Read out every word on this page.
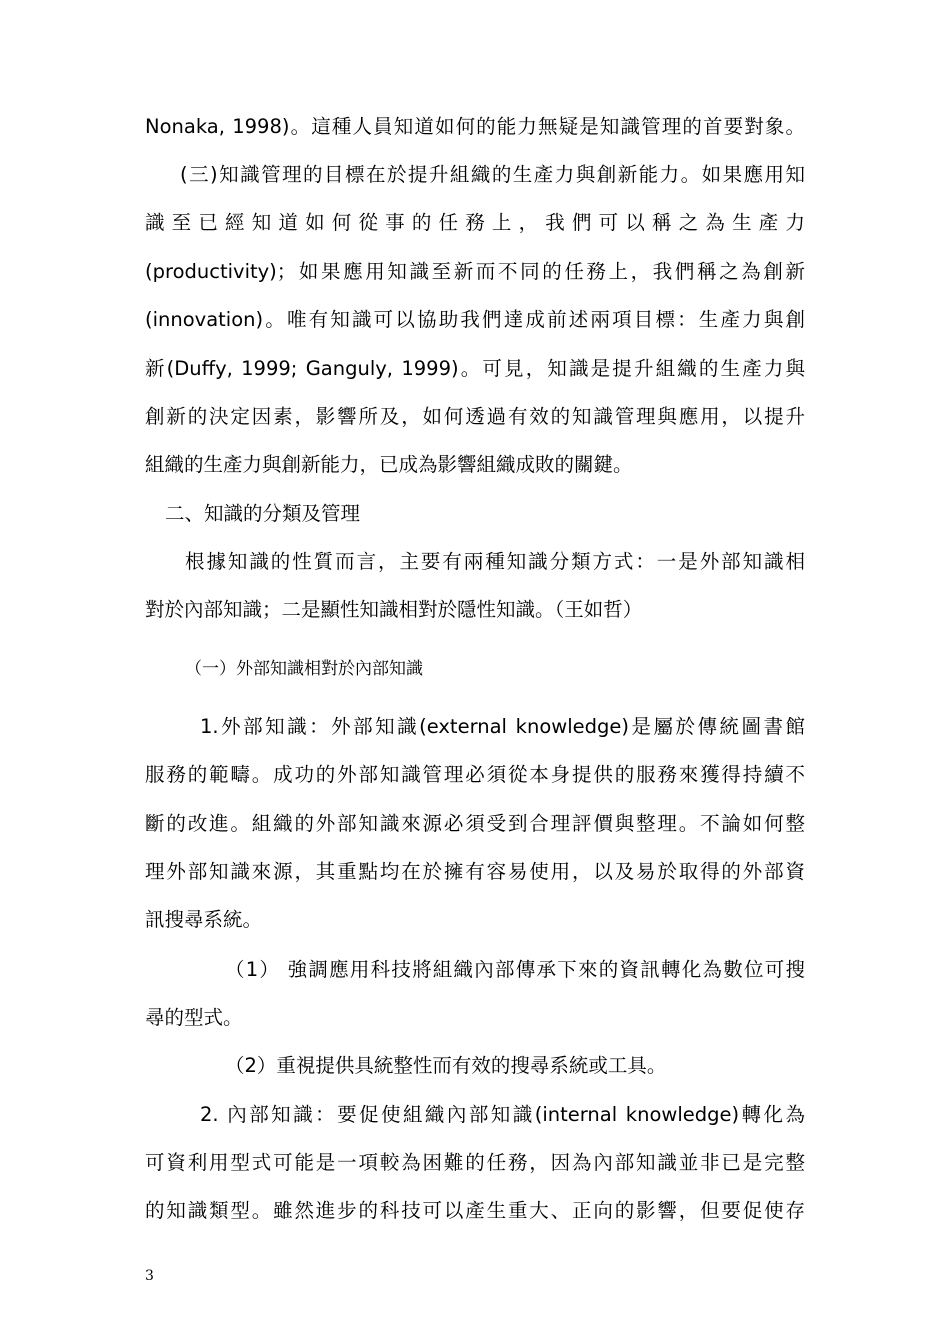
Nonaka, 1998)。這種人員知道如何的能力無疑是知識管理的首要對象。
(三)知識管理的目標在於提升組織的生產力與創新能力。如果應用知
識 至 已 經 知 道 如 何 從 事 的 任 務 上 ， 我 們 可 以 稱 之 為 生 產 力
(productivity)；如果應用知識至新而不同的任務上，我們稱之為創新
(innovation)。唯有知識可以協助我們達成前述兩項目標：生產力與創
新(Duffy, 1999; Ganguly, 1999)。可見，知識是提升組織的生產力與
創新的決定因素，影響所及，如何透過有效的知識管理與應用，以提升
組織的生產力與創新能力，已成為影響組織成敗的關鍵。
二、知識的分類及管理
根據知識的性質而言，主要有兩種知識分類方式：一是外部知識相
對於內部知識；二是顯性知識相對於隱性知識。（王如哲）
（一）外部知識相對於內部知識
1.外部知識：外部知識(external knowledge)是屬於傳統圖書館
服務的範疇。成功的外部知識管理必須從本身提供的服務來獲得持續不
斷的改進。組織的外部知識來源必須受到合理評價與整理。不論如何整
理外部知識來源，其重點均在於擁有容易使用，以及易於取得的外部資
訊搜尋系統。
（1） 強調應用科技將組織內部傳承下來的資訊轉化為數位可搜
尋的型式。
（2）重視提供具統整性而有效的搜尋系統或工具。
2. 內部知識：要促使組織內部知識(internal knowledge)轉化為
可資利用型式可能是一項較為困難的任務，因為內部知識並非已是完整
的知識類型。雖然進步的科技可以產生重大、正向的影響，但要促使存
3
